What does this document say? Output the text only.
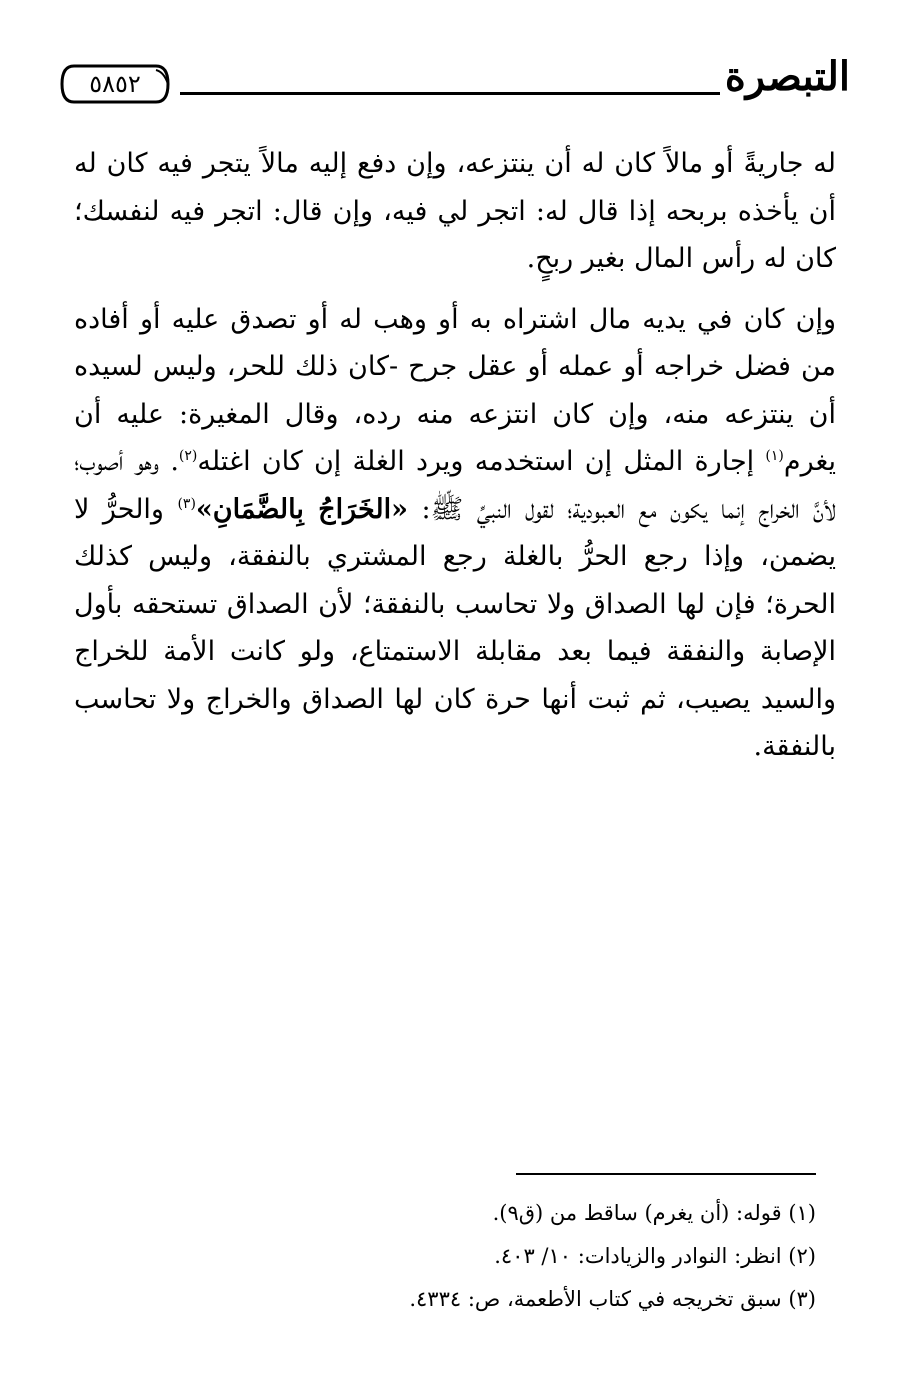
التبصرة
٥٨٥٢

له جاريةً أو مالاً كان له أن ينتزعه، وإن دفع إليه مالاً يتجر فيه كان له أن يأخذه بربحه إذا قال له: اتجر لي فيه، وإن قال: اتجر فيه لنفسك؛ كان له رأس المال بغير ربحٍ.

وإن كان في يديه مال اشتراه به أو وهب له أو تصدق عليه أو أفاده من فضل خراجه أو عمله أو عقل جرح -كان ذلك للحر، وليس لسيده أن ينتزعه منه، وإن كان انتزعه منه رده، وقال المغيرة: عليه أن يغرم$^{(١)}$ إجارة المثل إن استخدمه ويرد الغلة إن كان اغتله$^{(٢)}$. وهو أصوب؛ لأنَّ الخراج إنما يكون مع العبودية؛ لقول النبيِّ ﷺ: «الخَرَاجُ بِالضَّمَانِ»$^{(٣)}$ والحرُّ لا يضمن، وإذا رجع الحرُّ بالغلة رجع المشتري بالنفقة، وليس كذلك الحرة؛ فإن لها الصداق ولا تحاسب بالنفقة؛ لأن الصداق تستحقه بأول الإصابة والنفقة فيما بعد مقابلة الاستمتاع، ولو كانت الأمة للخراج والسيد يصيب، ثم ثبت أنها حرة كان لها الصداق والخراج ولا تحاسب بالنفقة.

(١) قوله: (أن يغرم) ساقط من (ق٩).
(٢) انظر: النوادر والزيادات: ١٠/ ٤٠٣.
(٣) سبق تخريجه في كتاب الأطعمة، ص: ٤٣٣٤.
